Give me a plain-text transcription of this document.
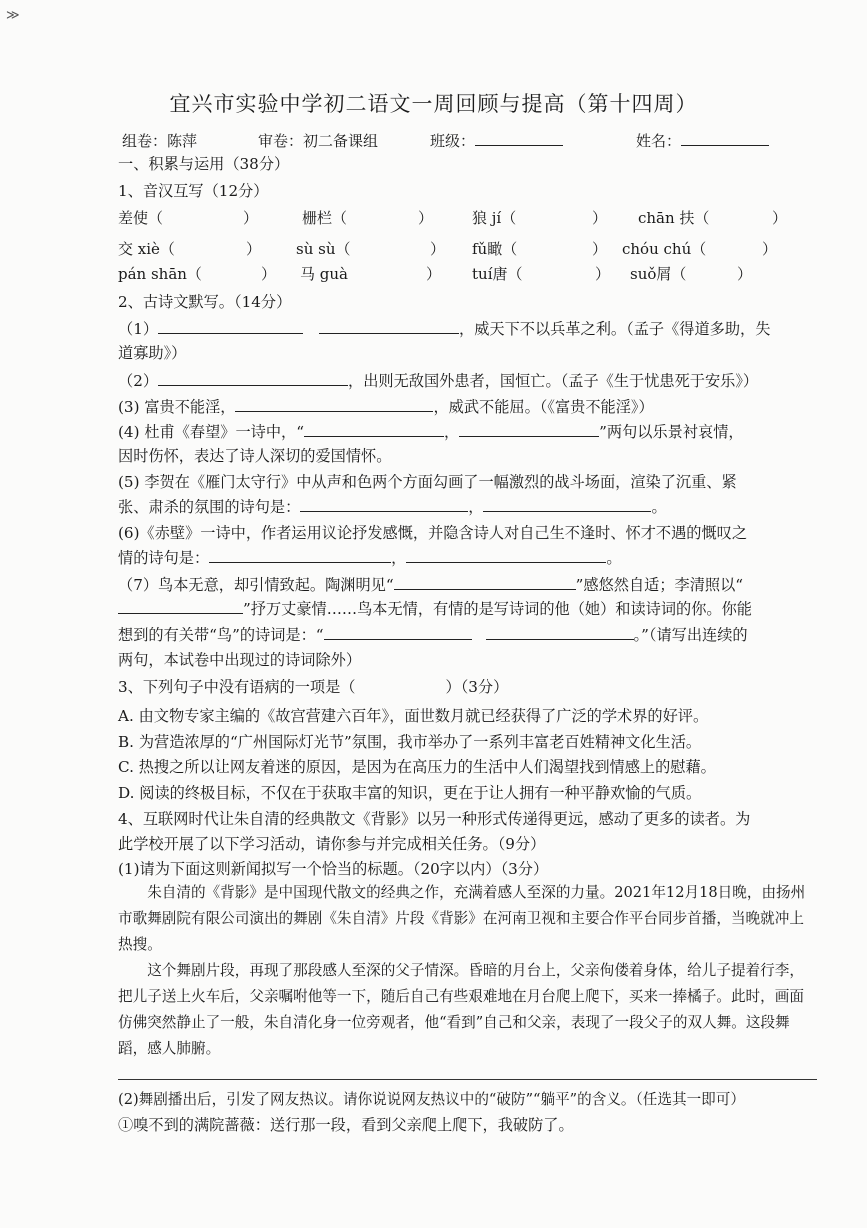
≫
宜兴市实验中学初二语文一周回顾与提高（第十四周）
组卷：陈萍	审卷：初二备课组	班级：	姓名：
一、积累与运用（38分）
1、音汉互写（12分）
差使（	）	栅栏（	）	狼 jí（	） chān 扶（	）
交 xiè（	） sù sù（	） fǔ瞰（	） chóu chú（	）
pán shān（	） 马 guà	） tuí唐（	） suǒ屑（	）
2、古诗文默写。（14分）
（1）	，威天下不以兵革之利。（孟子《得道多助，失
道寡助》）
（2）	，出则无敌国外患者，国恒亡。（孟子《生于忧患死于安乐》）
(3) 富贵不能淫，	，威武不能屈。（《富贵不能淫》）
(4) 杜甫《春望》一诗中，“	，	”两句以乐景衬哀情，
因时伤怀，表达了诗人深切的爱国情怀。
(5) 李贺在《雁门太守行》中从声和色两个方面勾画了一幅激烈的战斗场面，渲染了沉重、紧
张、肃杀的氛围的诗句是：	，	。
(6)《赤壁》一诗中，作者运用议论抒发感慨，并隐含诗人对自己生不逢时、怀才不遇的慨叹之
情的诗句是：	，	。
（7）鸟本无意，却引情致起。陶渊明见“	”感悠然自适；李清照以“
”抒万丈豪情……鸟本无情，有情的是写诗词的他（她）和读诗词的你。你能
想到的有关带“鸟”的诗词是：“	。”（请写出连续的
两句，本试卷中出现过的诗词除外）
3、下列句子中没有语病的一项是（	）（3分）
A. 由文物专家主编的《故宫营建六百年》，面世数月就已经获得了广泛的学术界的好评。
B. 为营造浓厚的“广州国际灯光节”氛围，我市举办了一系列丰富老百姓精神文化生活。
C. 热搜之所以让网友着迷的原因，是因为在高压力的生活中人们渴望找到情感上的慰藉。
D. 阅读的终极目标，不仅在于获取丰富的知识，更在于让人拥有一种平静欢愉的气质。
4、互联网时代让朱自清的经典散文《背影》以另一种形式传递得更远，感动了更多的读者。为
此学校开展了以下学习活动，请你参与并完成相关任务。（9分）
(1)请为下面这则新闻拟写一个恰当的标题。（20字以内）（3分）
朱自清的《背影》是中国现代散文的经典之作，充满着感人至深的力量。2021年12月18日晚，由扬州市歌舞剧院有限公司演出的舞剧《朱自清》片段《背影》在河南卫视和主要合作平台同步首播，当晚就冲上热搜。
这个舞剧片段，再现了那段感人至深的父子情深。昏暗的月台上，父亲佝偻着身体，给儿子提着行李，把儿子送上火车后，父亲嘱咐他等一下，随后自己有些艰难地在月台爬上爬下，买来一捧橘子。此时，画面仿佛突然静止了一般，朱自清化身一位旁观者，他“看到”自己和父亲，表现了一段父子的双人舞。这段舞蹈，感人肺腑。
(2)舞剧播出后，引发了网友热议。请你说说网友热议中的“破防”“躺平”的含义。（任选其一即可）
①嗅不到的满院蔷薇：送行那一段，看到父亲爬上爬下，我破防了。
